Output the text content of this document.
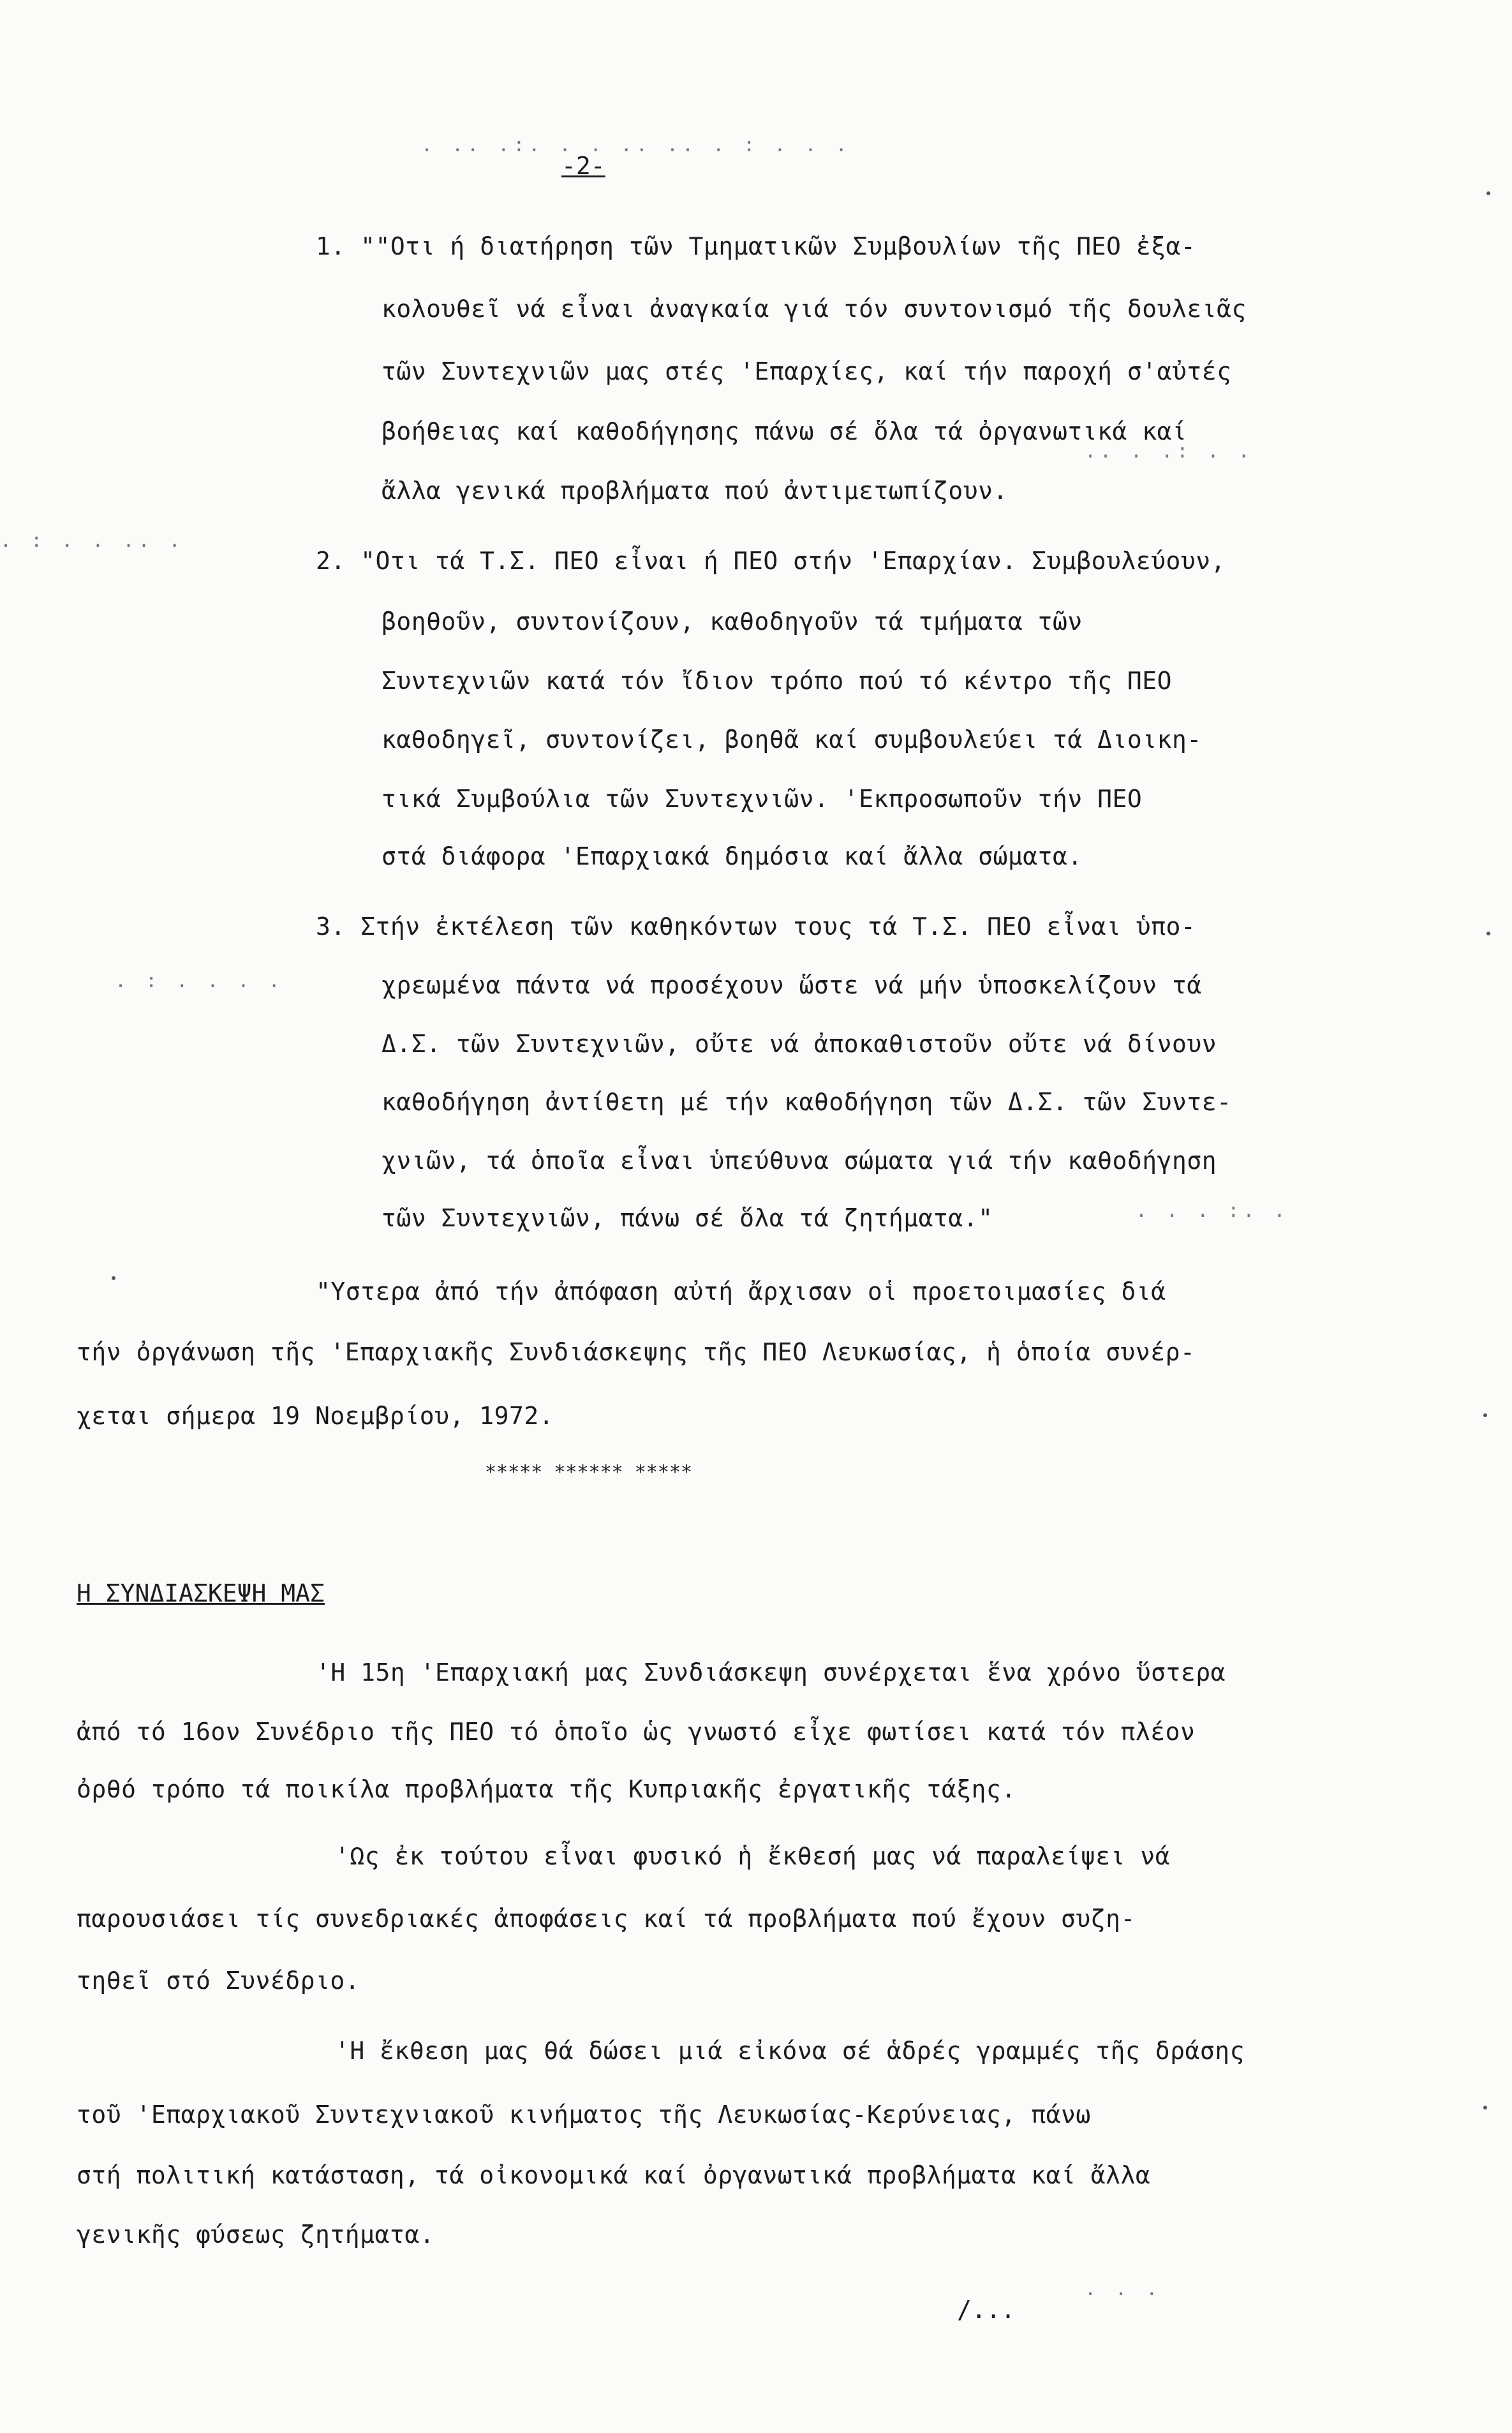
-2-
1. ""Οτι ή διατήρηση τῶν Τμηματικῶν Συμβουλίων τῆς ΠΕΟ ἐξα-
κολουθεῖ νά εἶναι ἀναγκαία γιά τόν συντονισμό τῆς δουλειᾶς
τῶν Συντεχνιῶν μας στές 'Επαρχίες, καί τήν παροχή σ'αὐτές
βοήθειας καί καθοδήγησης πάνω σέ ὅλα τά ὀργανωτικά καί
ἄλλα γενικά προβλήματα πού ἀντιμετωπίζουν.
2. "Οτι τά Τ.Σ. ΠΕΟ εἶναι ή ΠΕΟ στήν 'Επαρχίαν. Συμβουλεύουν,
βοηθοῦν, συντονίζουν, καθοδηγοῦν τά τμήματα τῶν
Συντεχνιῶν κατά τόν ἴδιον τρόπο πού τό κέντρο τῆς ΠΕΟ
καθοδηγεῖ, συντονίζει, βοηθᾶ καί συμβουλεύει τά Διοικη-
τικά Συμβούλια τῶν Συντεχνιῶν. 'Εκπροσωποῦν τήν ΠΕΟ
στά διάφορα 'Επαρχιακά δημόσια καί ἄλλα σώματα.
3. Στήν ἐκτέλεση τῶν καθηκόντων τους τά Τ.Σ. ΠΕΟ εἶναι ὑπο-
χρεωμένα πάντα νά προσέχουν ὥστε νά μήν ὑποσκελίζουν τά
Δ.Σ. τῶν Συντεχνιῶν, οὔτε νά ἀποκαθιστοῦν οὔτε νά δίνουν
καθοδήγηση ἀντίθετη μέ τήν καθοδήγηση τῶν Δ.Σ. τῶν Συντε-
χνιῶν, τά ὁποῖα εἶναι ὑπεύθυνα σώματα γιά τήν καθοδήγηση
τῶν Συντεχνιῶν, πάνω σέ ὅλα τά ζητήματα."
"Υστερα ἀπό τήν ἀπόφαση αὐτή ἄρχισαν οἱ προετοιμασίες διά
τήν ὀργάνωση τῆς 'Επαρχιακῆς Συνδιάσκεψης τῆς ΠΕΟ Λευκωσίας, ἡ ὁποία συνέρ-
χεται σήμερα 19 Νοεμβρίου, 1972.
***** ****** *****
Η ΣΥΝΔΙΑΣΚΕΨΗ ΜΑΣ
'Η 15η 'Επαρχιακή μας Συνδιάσκεψη συνέρχεται ἕνα χρόνο ὕστερα
ἀπό τό 16ον Συνέδριο τῆς ΠΕΟ τό ὁποῖο ὡς γνωστό εἶχε φωτίσει κατά τόν πλέον
ὀρθό τρόπο τά ποικίλα προβλήματα τῆς Κυπριακῆς ἐργατικῆς τάξης.
'Ως ἐκ τούτου εἶναι φυσικό ἡ ἔκθεσή μας νά παραλείψει νά
παρουσιάσει τίς συνεδριακές ἀποφάσεις καί τά προβλήματα πού ἔχουν συζη-
τηθεῖ στό Συνέδριο.
'Η ἔκθεση μας θά δώσει μιά εἰκόνα σέ ἁδρές γραμμές τῆς δράσης
τοῦ 'Επαρχιακοῦ Συντεχνιακοῦ κινήματος τῆς Λευκωσίας-Κερύνειας, πάνω
στή πολιτική κατάσταση, τά οἰκονομικά καί ὀργανωτικά προβλήματα καί ἄλλα
γενικῆς φύσεως ζητήματα.
/...
. .. .:. . . .. .. . : . . .
.. . .: . .
. : . . .. .
. : . . . .
. . . :. .
. . .
